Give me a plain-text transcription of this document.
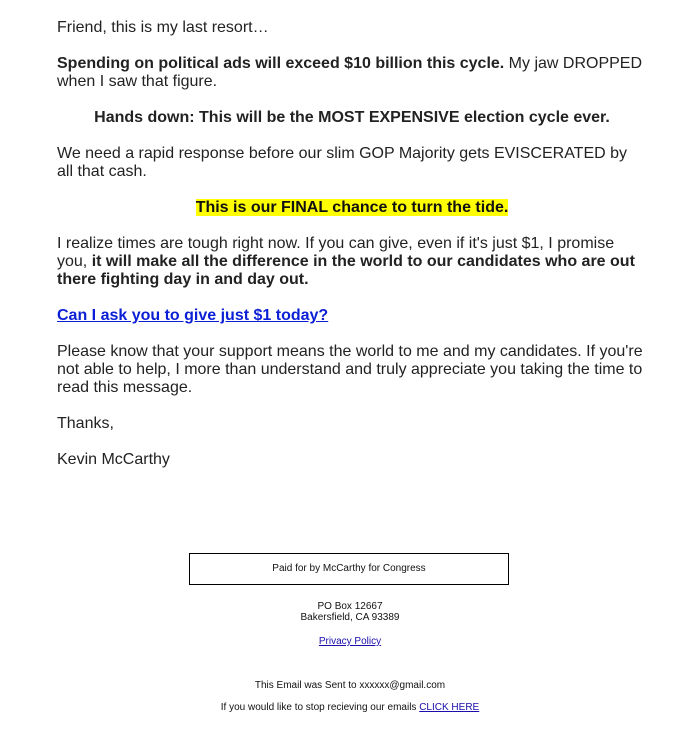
Friend, this is my last resort…

Spending on political ads will exceed $10 billion this cycle. My jaw DROPPED when I saw that figure.

Hands down: This will be the MOST EXPENSIVE election cycle ever.

We need a rapid response before our slim GOP Majority gets EVISCERATED by all that cash.

This is our FINAL chance to turn the tide.

I realize times are tough right now. If you can give, even if it's just $1, I promise you, it will make all the difference in the world to our candidates who are out there fighting day in and day out.

Can I ask you to give just $1 today?

Please know that your support means the world to me and my candidates. If you're not able to help, I more than understand and truly appreciate you taking the time to read this message.

Thanks,

Kevin McCarthy

Paid for by McCarthy for Congress
PO Box 12667
Bakersfield, CA 93389
Privacy Policy
This Email was Sent to xxxxxx@gmail.com
If you would like to stop recieving our emails CLICK HERE
